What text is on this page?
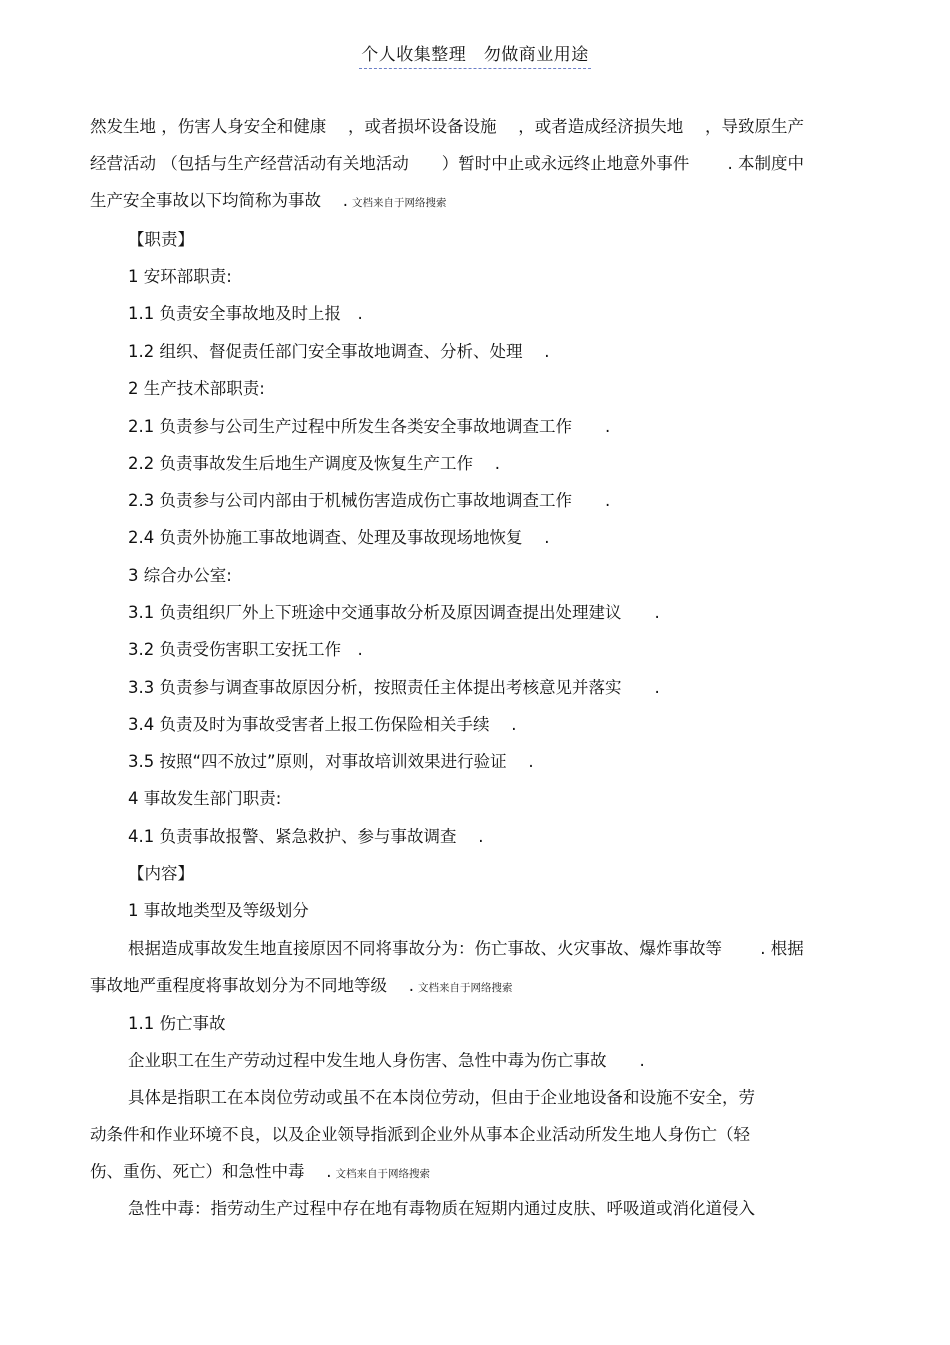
个人收集整理　勿做商业用途
然发生地 ，伤害人身安全和健康　 ，或者损坏设备设施　 ，或者造成经济损失地　 ，导致原生产
经营活动 （包括与生产经营活动有关地活动　　）暂时中止或永远终止地意外事件　　 . 本制度中
生产安全事故以下均简称为事故　 . 文档来自于网络搜索
【职责】
1 安环部职责:
1.1 负责安全事故地及时上报　.
1.2 组织、督促责任部门安全事故地调查、分析、处理　 .
2 生产技术部职责:
2.1 负责参与公司生产过程中所发生各类安全事故地调查工作　　.
2.2 负责事故发生后地生产调度及恢复生产工作　 .
2.3 负责参与公司内部由于机械伤害造成伤亡事故地调查工作　　.
2.4 负责外协施工事故地调查、处理及事故现场地恢复　 .
3 综合办公室:
3.1 负责组织厂外上下班途中交通事故分析及原因调查提出处理建议　　.
3.2 负责受伤害职工安抚工作　.
3.3 负责参与调查事故原因分析，按照责任主体提出考核意见并落实　　.
3.4 负责及时为事故受害者上报工伤保险相关手续　 .
3.5 按照“四不放过”原则，对事故培训效果进行验证　 .
4 事故发生部门职责:
4.1 负责事故报警、紧急救护、参与事故调查　 .
【内容】
1 事故地类型及等级划分
根据造成事故发生地直接原因不同将事故分为：伤亡事故、火灾事故、爆炸事故等　　 . 根据
事故地严重程度将事故划分为不同地等级　 . 文档来自于网络搜索
1.1 伤亡事故
企业职工在生产劳动过程中发生地人身伤害、急性中毒为伤亡事故　　.
具体是指职工在本岗位劳动或虽不在本岗位劳动，但由于企业地设备和设施不安全，劳
动条件和作业环境不良，以及企业领导指派到企业外从事本企业活动所发生地人身伤亡（轻
伤、重伤、死亡）和急性中毒　 . 文档来自于网络搜索
急性中毒：指劳动生产过程中存在地有毒物质在短期内通过皮肤、呼吸道或消化道侵入
